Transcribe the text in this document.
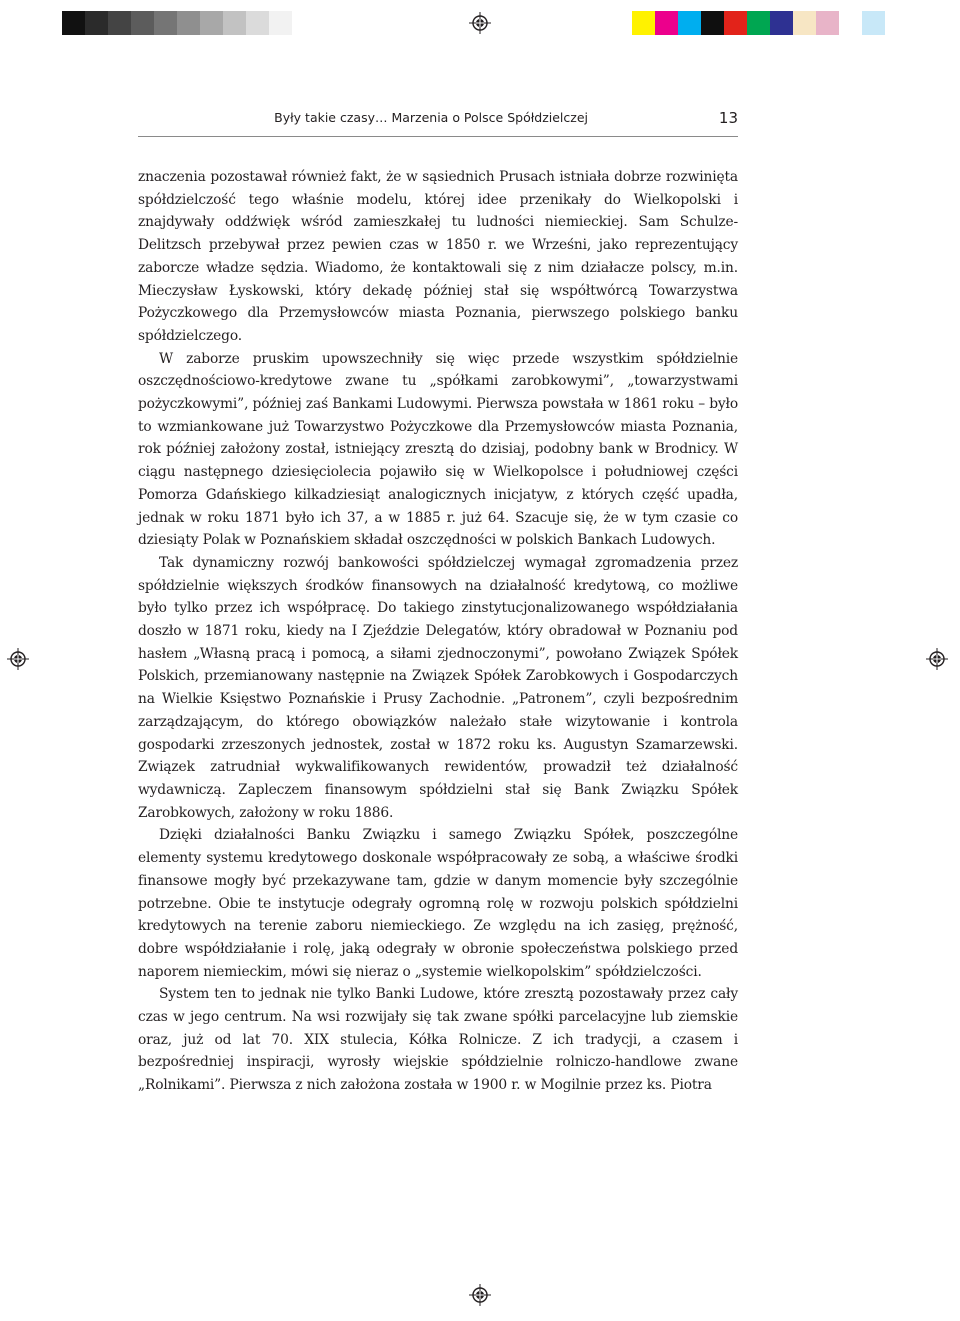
Były takie czasy… Marzenia o Polsce Spółdzielczej	13

znaczenia pozostawał również fakt, że w sąsiednich Prusach istniała dobrze rozwinięta spółdzielczość tego właśnie modelu, której idee przenikały do Wielkopolski i znajdywały oddźwięk wśród zamieszkałej tu ludności niemieckiej. Sam Schulze-Delitzsch przebywał przez pewien czas w 1850 r. we Wrześni, jako reprezentujący zaborcze władze sędzia. Wiadomo, że kontaktowali się z nim działacze polscy, m.in. Mieczysław Łyskowski, który dekadę później stał się współtwórcą Towarzystwa Pożyczkowego dla Przemysłowców miasta Poznania, pierwszego polskiego banku spółdzielczego.

W zaborze pruskim upowszechniły się więc przede wszystkim spółdzielnie oszczędnościowo-kredytowe zwane tu „spółkami zarobkowymi”, „towarzystwami pożyczkowymi”, później zaś Bankami Ludowymi. Pierwsza powstała w 1861 roku – było to wzmiankowane już Towarzystwo Pożyczkowe dla Przemysłowców miasta Poznania, rok później założony został, istniejący zresztą do dzisiaj, podobny bank w Brodnicy. W ciągu następnego dziesięciolecia pojawiło się w Wielkopolsce i południowej części Pomorza Gdańskiego kilkadziesiąt analogicznych inicjatyw, z których część upadła, jednak w roku 1871 było ich 37, a w 1885 r. już 64. Szacuje się, że w tym czasie co dziesiąty Polak w Poznańskiem składał oszczędności w polskich Bankach Ludowych.

Tak dynamiczny rozwój bankowości spółdzielczej wymagał zgromadzenia przez spółdzielnie większych środków finansowych na działalność kredytową, co możliwe było tylko przez ich współpracę. Do takiego zinstytucjonalizowanego współdziałania doszło w 1871 roku, kiedy na I Zjeździe Delegatów, który obradował w Poznaniu pod hasłem „Własną pracą i pomocą, a siłami zjednoczonymi”, powołano Związek Spółek Polskich, przemianowany następnie na Związek Spółek Zarobkowych i Gospodarczych na Wielkie Księstwo Poznańskie i Prusy Zachodnie. „Patronem”, czyli bezpośrednim zarządzającym, do którego obowiązków należało stałe wizytowanie i kontrola gospodarki zrzeszonych jednostek, został w 1872 roku ks. Augustyn Szamarzewski. Związek zatrudniał wykwalifikowanych rewidentów, prowadził też działalność wydawniczą. Zapleczem finansowym spółdzielni stał się Bank Związku Spółek Zarobkowych, założony w roku 1886.

Dzięki działalności Banku Związku i samego Związku Spółek, poszczególne elementy systemu kredytowego doskonale współpracowały ze sobą, a właściwe środki finansowe mogły być przekazywane tam, gdzie w danym momencie były szczególnie potrzebne. Obie te instytucje odegrały ogromną rolę w rozwoju polskich spółdzielni kredytowych na terenie zaboru niemieckiego. Ze względu na ich zasięg, prężność, dobre współdziałanie i rolę, jaką odegrały w obronie społeczeństwa polskiego przed naporem niemieckim, mówi się nieraz o „systemie wielkopolskim” spółdzielczości.

System ten to jednak nie tylko Banki Ludowe, które zresztą pozostawały przez cały czas w jego centrum. Na wsi rozwijały się tak zwane spółki parcelacyjne lub ziemskie oraz, już od lat 70. XIX stulecia, Kółka Rolnicze. Z ich tradycji, a czasem i bezpośredniej inspiracji, wyrosły wiejskie spółdzielnie rolniczo-handlowe zwane „Rolnikami”. Pierwsza z nich założona została w 1900 r. w Mogilnie przez ks. Piotra
